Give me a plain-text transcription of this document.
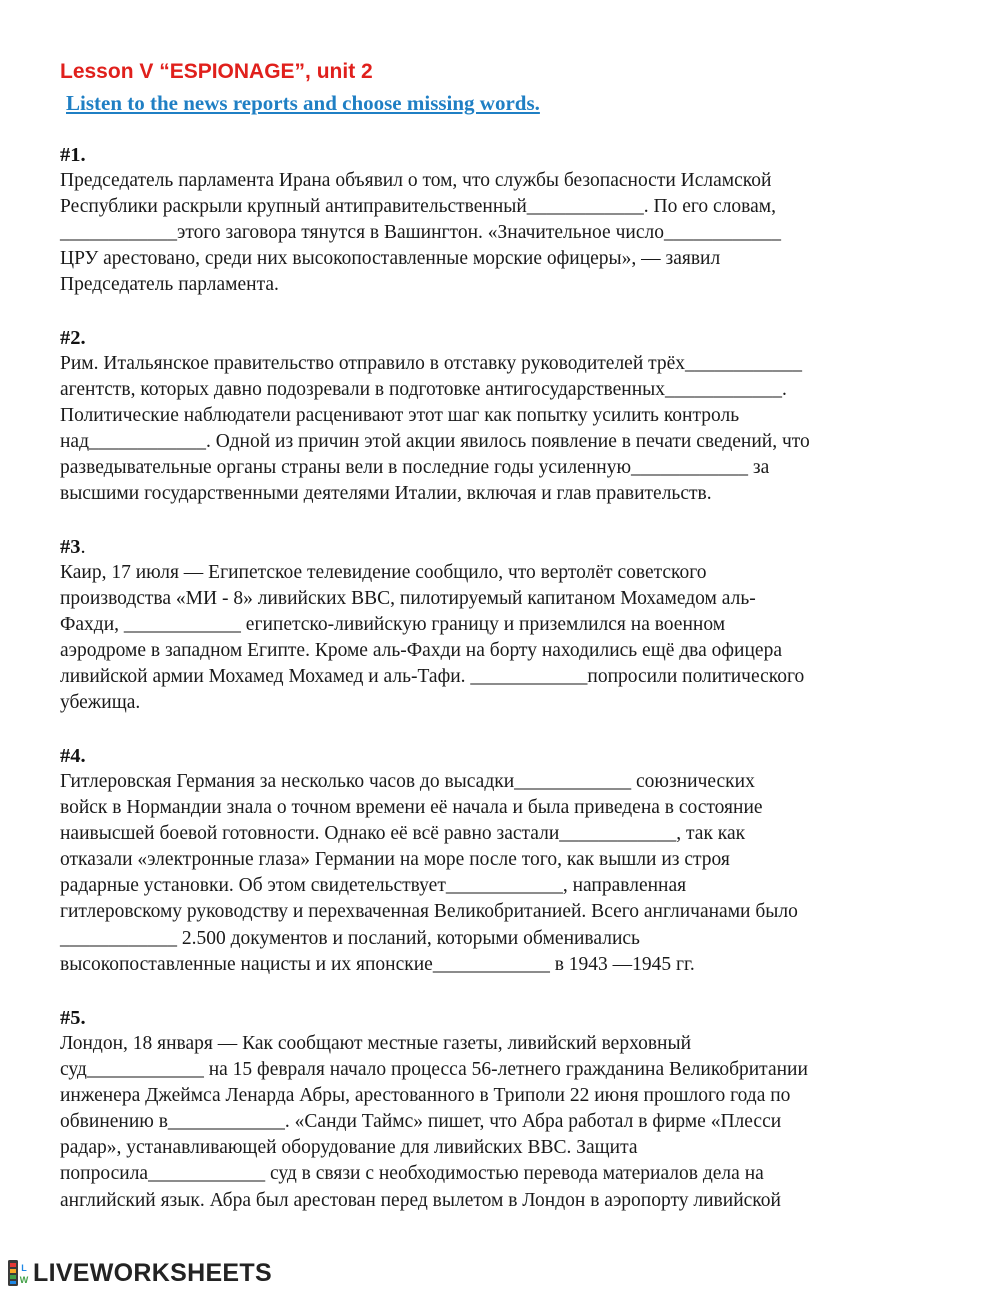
Lesson V “ESPIONAGE”, unit 2

Listen to the news reports and choose missing words.

#1.
Председатель парламента Ирана объявил о том, что службы безопасности Исламской
Республики раскрыли крупный антиправительственный____________. По его словам,
____________этого заговора тянутся в Вашингтон. «Значительное число____________
ЦРУ арестовано, среди них высокопоставленные морские офицеры», — заявил
Председатель парламента.
#2.
Рим. Итальянское правительство отправило в отставку руководителей трёх____________
агентств, которых давно подозревали в подготовке антигосударственных____________.
Политические наблюдатели расценивают этот шаг как попытку усилить контроль
над____________. Одной из причин этой акции явилось появление в печати сведений, что
разведывательные органы страны вели в последние годы усиленную____________ за
высшими государственными деятелями Италии, включая и глав правительств.
#3.
Каир, 17 июля — Египетское телевидение сообщило, что вертолёт советского
производства «МИ - 8» ливийских ВВС, пилотируемый капитаном Мохамедом аль-
Фахди, ____________ египетско-ливийскую границу и приземлился на военном
аэродроме в западном Египте. Кроме аль-Фахди на борту находились ещё два офицера
ливийской армии Мохамед Мохамед и аль-Тафи. ____________попросили политического
убежища.
#4.
Гитлеровская Германия за несколько часов до высадки____________ союзнических
войск в Нормандии знала о точном времени её начала и была приведена в состояние
наивысшей боевой готовности. Однако её всё равно застали____________, так как
отказали «электронные глаза» Германии на море после того, как вышли из строя
радарные установки. Об этом свидетельствует____________, направленная
гитлеровскому руководству и перехваченная Великобританией. Всего англичанами было
____________ 2.500 документов и посланий, которыми обменивались
высокопоставленные нацисты и их японские____________ в 1943 —1945 гг.
#5.
Лондон, 18 января — Как сообщают местные газеты, ливийский верховный
суд____________ на 15 февраля начало процесса 56-летнего гражданина Великобритании
инженера Джеймса Ленарда Абры, арестованного в Триполи 22 июня прошлого года по
обвинению в____________. «Санди Таймс» пишет, что Абра работал в фирме «Плесси
радар», устанавливающей оборудование для ливийских ВВС. Защита
попросила____________ суд в связи с необходимостью перевода материалов дела на
английский язык. Абра был арестован перед вылетом в Лондон в аэропорту ливийской
L
W LIVEWORKSHEETS
